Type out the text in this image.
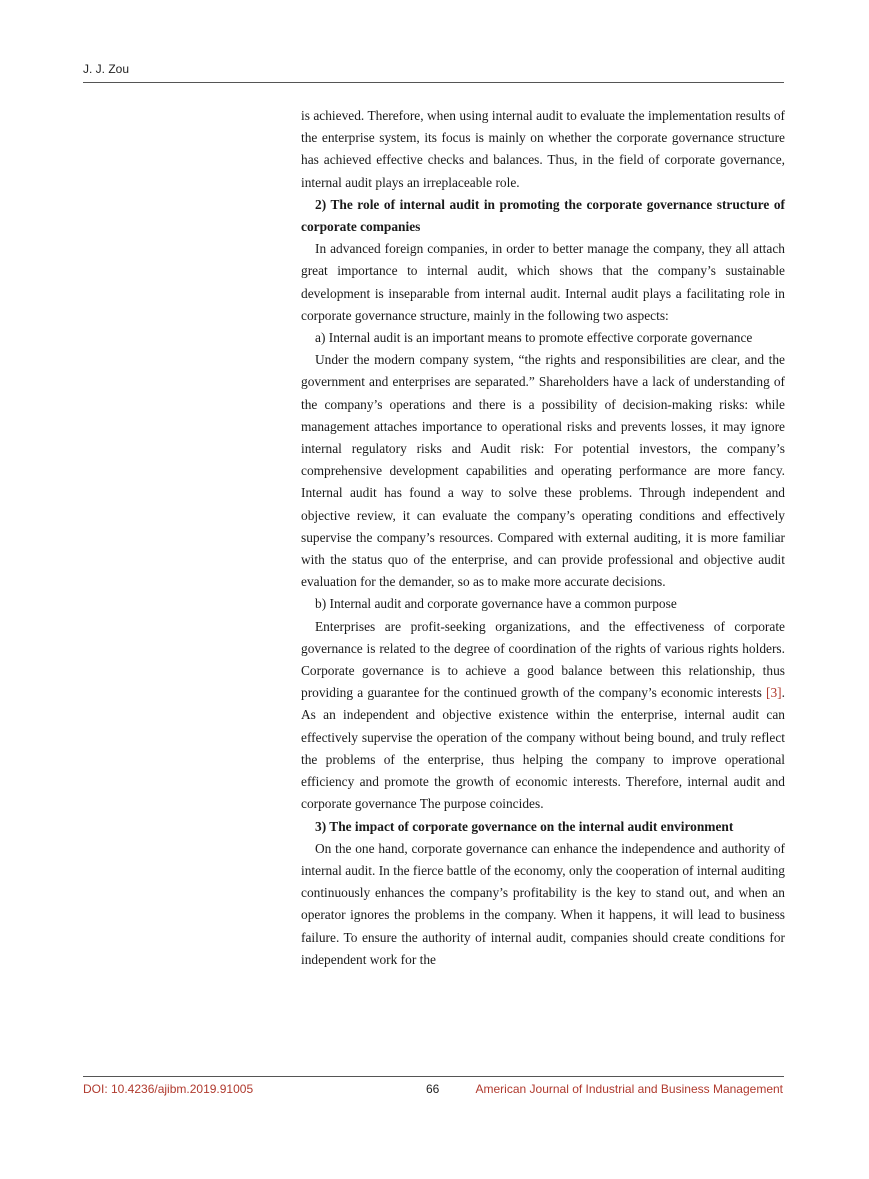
J. J. Zou

is achieved. Therefore, when using internal audit to evaluate the implementation results of the enterprise system, its focus is mainly on whether the corporate governance structure has achieved effective checks and balances. Thus, in the field of corporate governance, internal audit plays an irreplaceable role.

2) The role of internal audit in promoting the corporate governance structure of corporate companies

In advanced foreign companies, in order to better manage the company, they all attach great importance to internal audit, which shows that the company’s sustainable development is inseparable from internal audit. Internal audit plays a facilitating role in corporate governance structure, mainly in the following two aspects:

a) Internal audit is an important means to promote effective corporate governance

Under the modern company system, “the rights and responsibilities are clear, and the government and enterprises are separated.” Shareholders have a lack of understanding of the company’s operations and there is a possibility of decision-making risks: while management attaches importance to operational risks and prevents losses, it may ignore internal regulatory risks and Audit risk: For potential investors, the company’s comprehensive development capabilities and operating performance are more fancy. Internal audit has found a way to solve these problems. Through independent and objective review, it can evaluate the company’s operating conditions and effectively supervise the company’s resources. Compared with external auditing, it is more familiar with the status quo of the enterprise, and can provide professional and objective audit evaluation for the demander, so as to make more accurate decisions.

b) Internal audit and corporate governance have a common purpose

Enterprises are profit-seeking organizations, and the effectiveness of corporate governance is related to the degree of coordination of the rights of various rights holders. Corporate governance is to achieve a good balance between this relationship, thus providing a guarantee for the continued growth of the company’s economic interests [3]. As an independent and objective existence within the enterprise, internal audit can effectively supervise the operation of the company without being bound, and truly reflect the problems of the enterprise, thus helping the company to improve operational efficiency and promote the growth of economic interests. Therefore, internal audit and corporate governance The purpose coincides.

3) The impact of corporate governance on the internal audit environment

On the one hand, corporate governance can enhance the independence and authority of internal audit. In the fierce battle of the economy, only the cooperation of internal auditing continuously enhances the company’s profitability is the key to stand out, and when an operator ignores the problems in the company. When it happens, it will lead to business failure. To ensure the authority of internal audit, companies should create conditions for independent work for the

DOI: 10.4236/ajibm.2019.91005	66	American Journal of Industrial and Business Management
